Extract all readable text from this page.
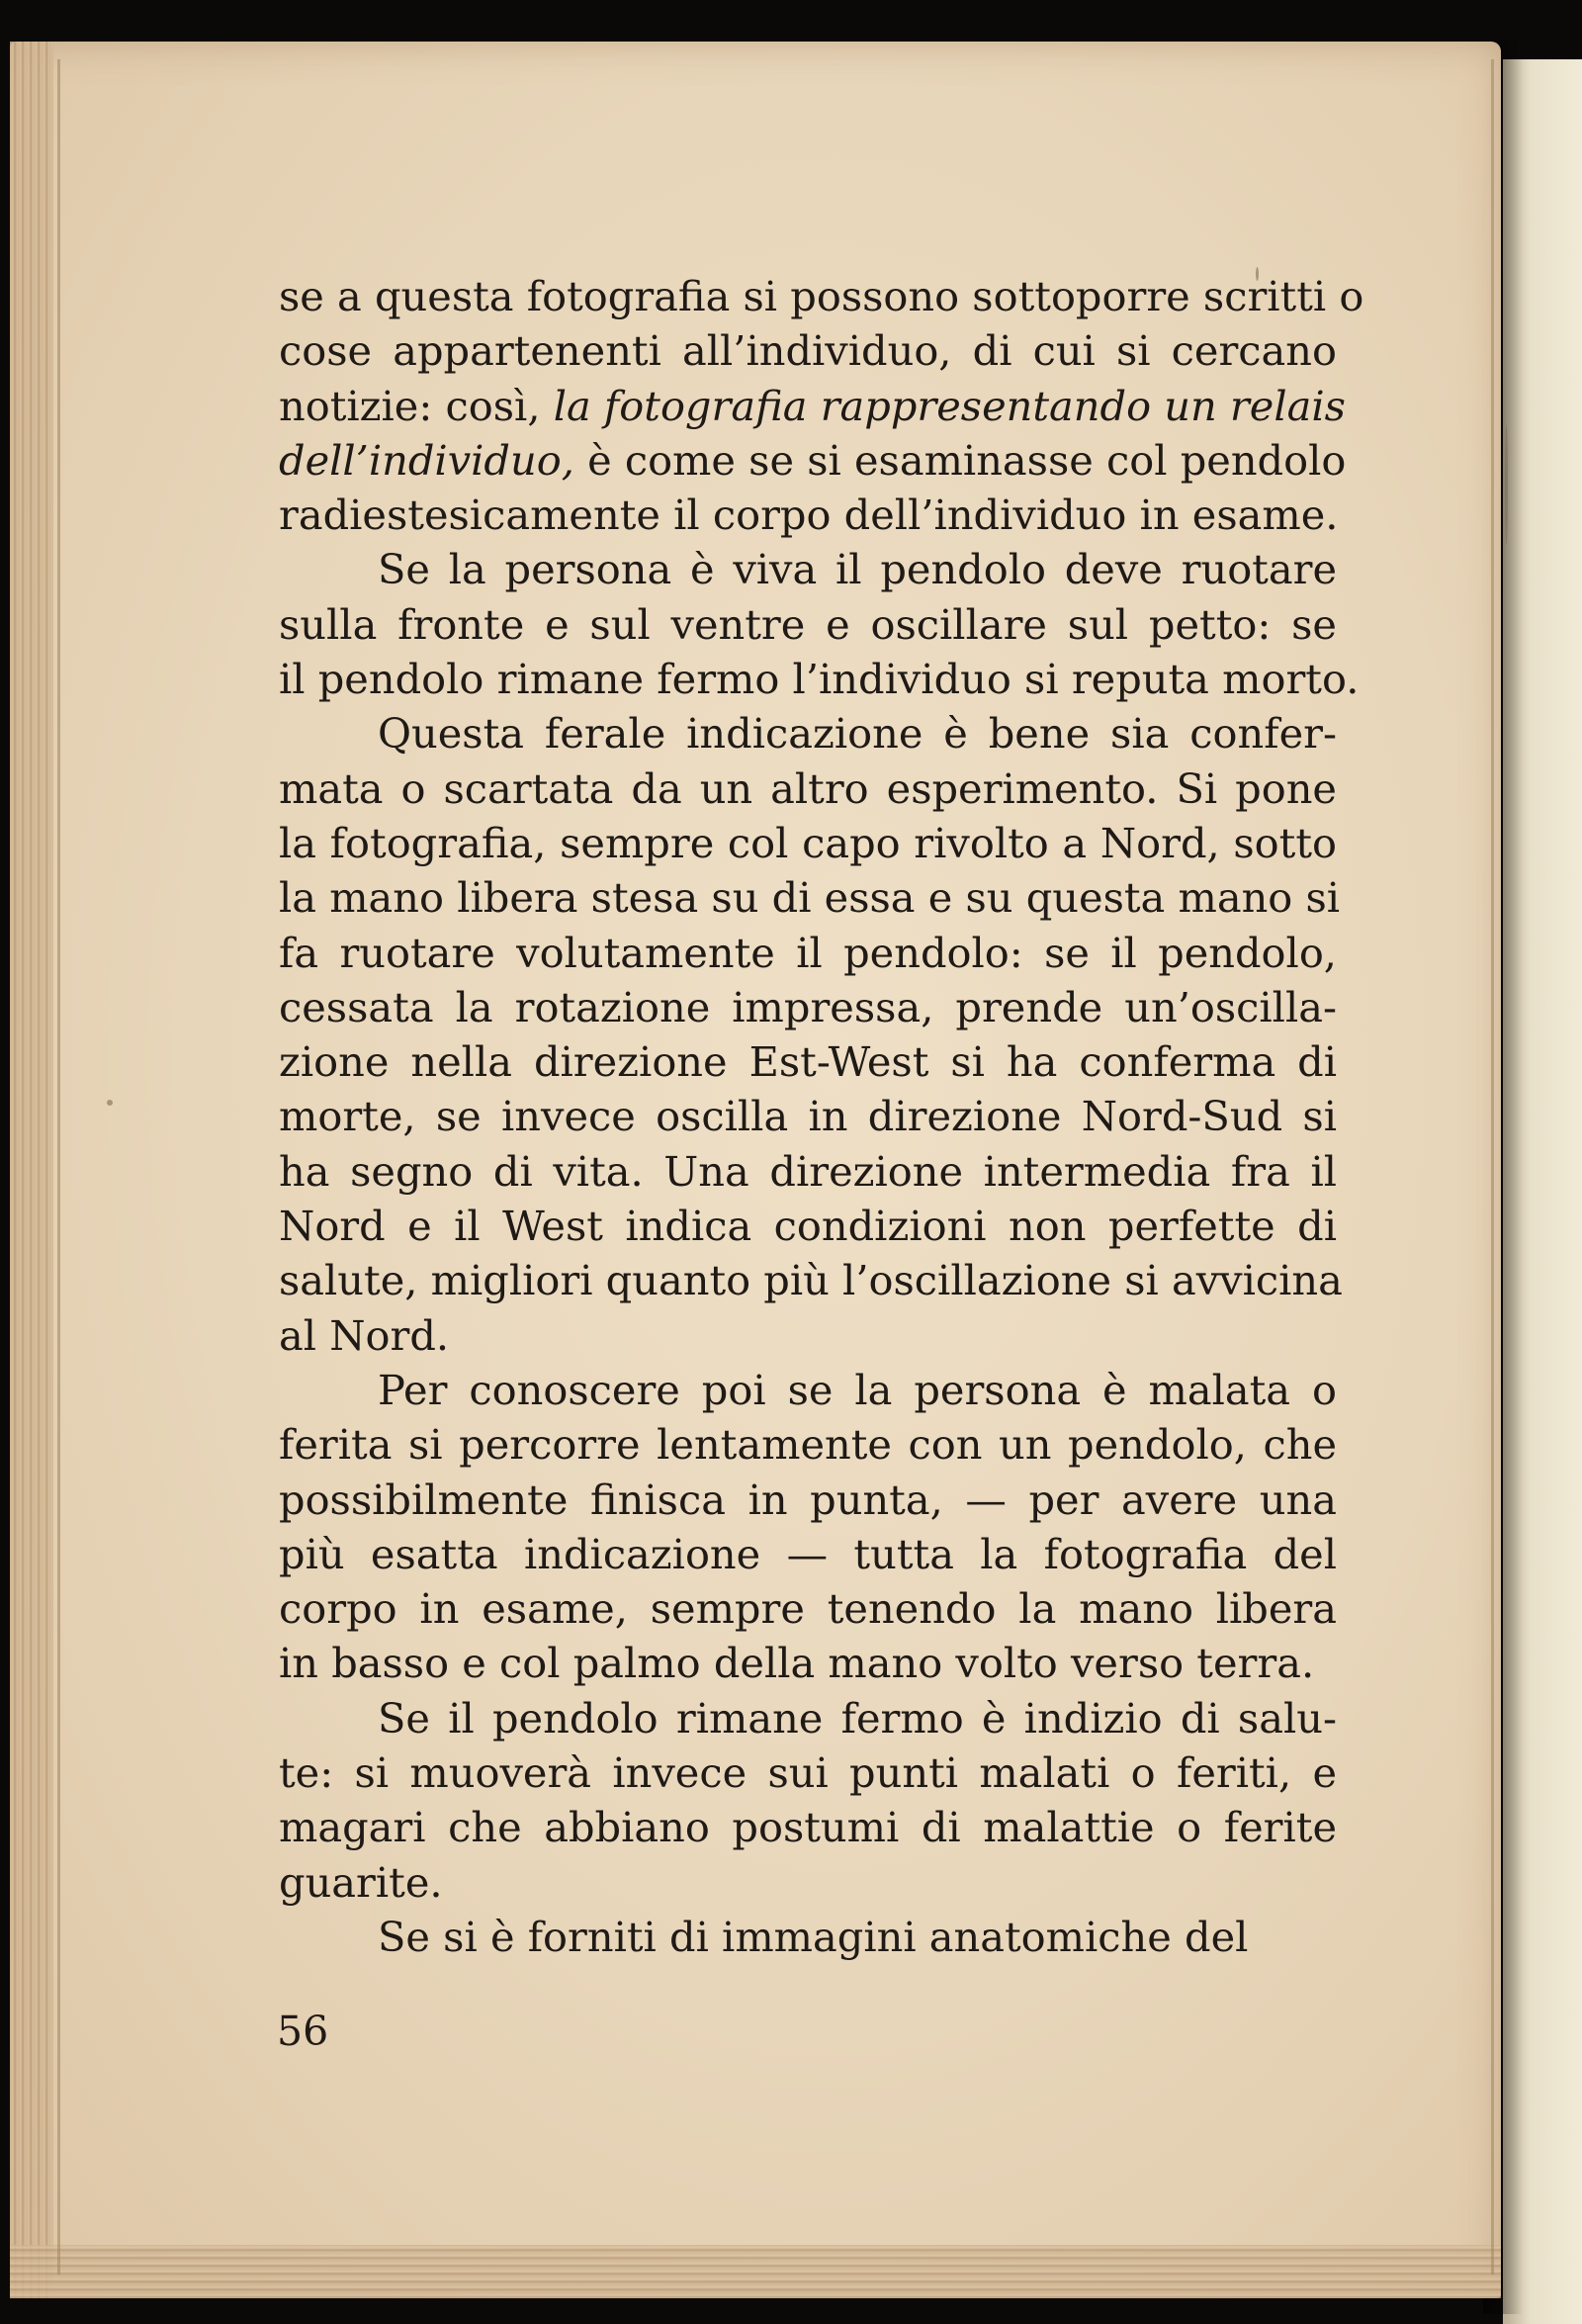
se a questa fotografia si possono sottoporre scritti o
cose appartenenti all’individuo, di cui si cercano
notizie: così, la fotografia rappresentando un relais
dell’individuo, è come se si esaminasse col pendolo
radiestesicamente il corpo dell’individuo in esame.

Se la persona è viva il pendolo deve ruotare
sulla fronte e sul ventre e oscillare sul petto: se
il pendolo rimane fermo l’individuo si reputa morto.

Questa ferale indicazione è bene sia confer-
mata o scartata da un altro esperimento. Si pone
la fotografia, sempre col capo rivolto a Nord, sotto
la mano libera stesa su di essa e su questa mano si
fa ruotare volutamente il pendolo: se il pendolo,
cessata la rotazione impressa, prende un’oscilla-
zione nella direzione Est-West si ha conferma di
morte, se invece oscilla in direzione Nord-Sud si
ha segno di vita. Una direzione intermedia fra il
Nord e il West indica condizioni non perfette di
salute, migliori quanto più l’oscillazione si avvicina
al Nord.

Per conoscere poi se la persona è malata o
ferita si percorre lentamente con un pendolo, che
possibilmente finisca in punta, — per avere una
più esatta indicazione — tutta la fotografia del
corpo in esame, sempre tenendo la mano libera
in basso e col palmo della mano volto verso terra.

Se il pendolo rimane fermo è indizio di salu-
te: si muoverà invece sui punti malati o feriti, e
magari che abbiano postumi di malattie o ferite
guarite.

Se si è forniti di immagini anatomiche del

56
